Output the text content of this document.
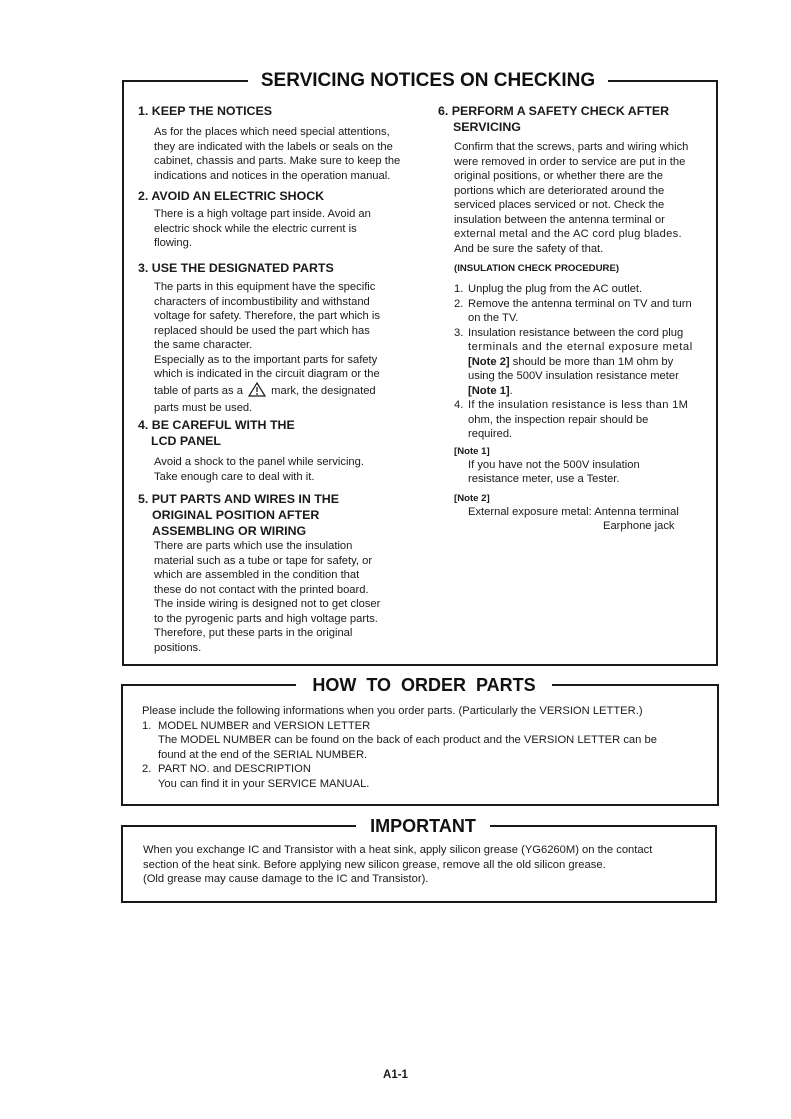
SERVICING NOTICES ON CHECKING

1. KEEP THE NOTICES

As for the places which need special attentions,

they are indicated with the labels or seals on the

cabinet, chassis and parts. Make sure to keep the

indications and notices in the operation manual.

2. AVOID AN ELECTRIC SHOCK

There is a high voltage part inside. Avoid an

electric shock while the electric current is

flowing.

3. USE THE DESIGNATED PARTS

The parts in this equipment have the specific

characters of incombustibility and withstand

voltage for safety. Therefore, the part which is

replaced should be used the part which has

the same character.

Especially as to the important parts for safety

which is indicated in the circuit diagram or the

table of parts as a	mark, the designated

parts must be used.

4. BE CAREFUL WITH THE

LCD PANEL

Avoid a shock to the panel while servicing.

Take enough care to deal with it.

5. PUT PARTS AND WIRES IN THE

ORIGINAL POSITION AFTER

ASSEMBLING OR WIRING

There are parts which use the insulation

material such as a tube or tape for safety, or

which are assembled in the condition that

these do not contact with the printed board.

The inside wiring is designed not to get closer

to the pyrogenic parts and high voltage parts.

Therefore, put these parts in the original

positions.

6. PERFORM A SAFETY CHECK AFTER

SERVICING

Confirm that the screws, parts and wiring which

were removed in order to service are put in the

original positions, or whether there are the

portions which are deteriorated around the

serviced places serviced or not. Check the

insulation between the antenna terminal or

external metal and the AC cord plug blades.

And be sure the safety of that.

(INSULATION CHECK PROCEDURE)

1. Unplug the plug from the AC outlet.
2. Remove the antenna terminal on TV and turn
on the TV.
3. Insulation resistance between the cord plug
terminals and the eternal exposure metal
[Note 2] should be more than 1M ohm by
using the 500V insulation resistance meter
[Note 1].
4. If the insulation resistance is less than 1M
ohm, the inspection repair should be
required.

[Note 1]

If you have not the 500V insulation

resistance meter, use a Tester.

[Note 2]

External exposure metal: Antenna terminal

Earphone jack

HOW  TO  ORDER  PARTS

Please include the following informations when you order parts. (Particularly the VERSION LETTER.)

1. MODEL NUMBER and VERSION LETTER

The MODEL NUMBER can be found on the back of each product and the VERSION LETTER can be

found at the end of the SERIAL NUMBER.

2. PART NO. and DESCRIPTION

You can find it in your SERVICE MANUAL.

IMPORTANT

When you exchange IC and Transistor with a heat sink, apply silicon grease (YG6260M) on the contact

section of the heat sink. Before applying new silicon grease, remove all the old silicon grease.

(Old grease may cause damage to the IC and Transistor).

A1-1
